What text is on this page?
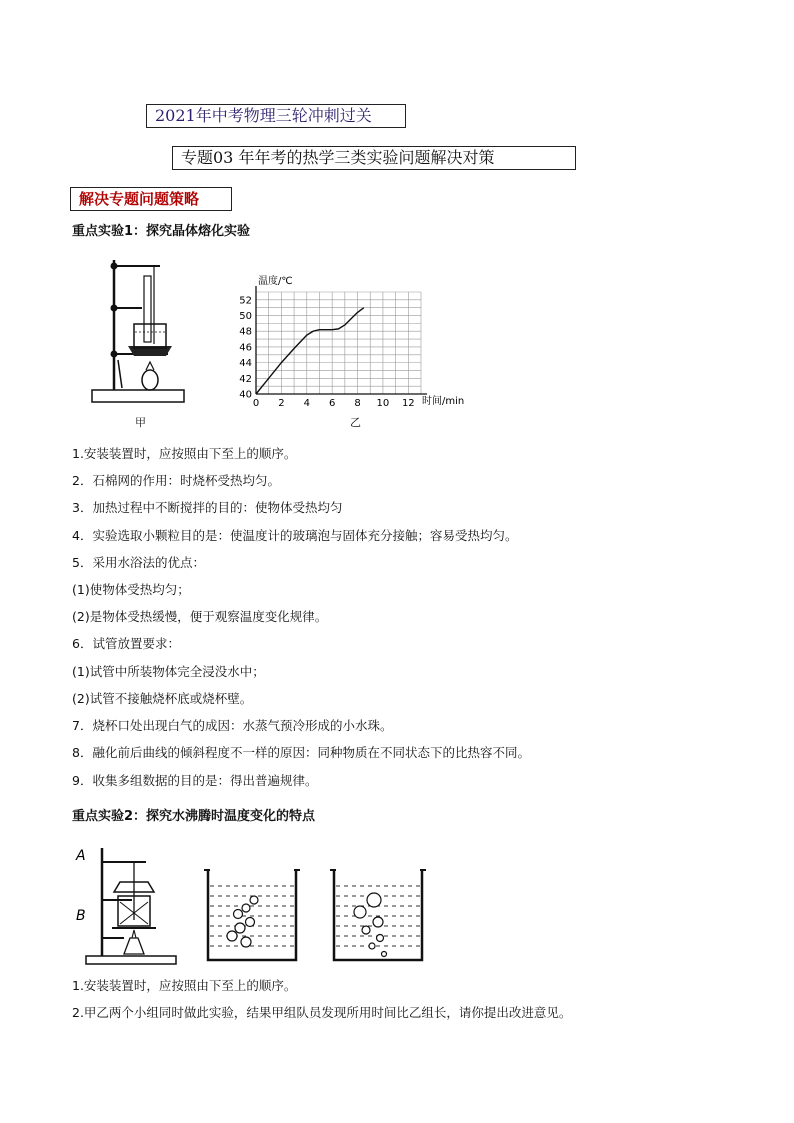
2021年中考物理三轮冲刺过关
专题03 年年考的热学三类实验问题解决对策
解决专题问题策略
重点实验1：探究晶体熔化实验
甲
0 2 4 6 8 10 12
40
42
44
46
48
50
52
温度/℃
时间/min
乙
1.安装装置时，应按照由下至上的顺序。
2．石棉网的作用：时烧杯受热均匀。
3．加热过程中不断搅拌的目的：使物体受热均匀
4．实验选取小颗粒目的是：使温度计的玻璃泡与固体充分接触；容易受热均匀。
5．采用水浴法的优点：
(1)使物体受热均匀；
(2)是物体受热缓慢，便于观察温度变化规律。
6．试管放置要求：
(1)试管中所装物体完全浸没水中；
(2)试管不接触烧杯底或烧杯壁。
7．烧杯口处出现白气的成因：水蒸气预冷形成的小水珠。
8．融化前后曲线的倾斜程度不一样的原因：同种物质在不同状态下的比热容不同。
9．收集多组数据的目的是：得出普遍规律。
重点实验2：探究水沸腾时温度变化的特点
A
B
1.安装装置时，应按照由下至上的顺序。
2.甲乙两个小组同时做此实验，结果甲组队员发现所用时间比乙组长，请你提出改进意见。
